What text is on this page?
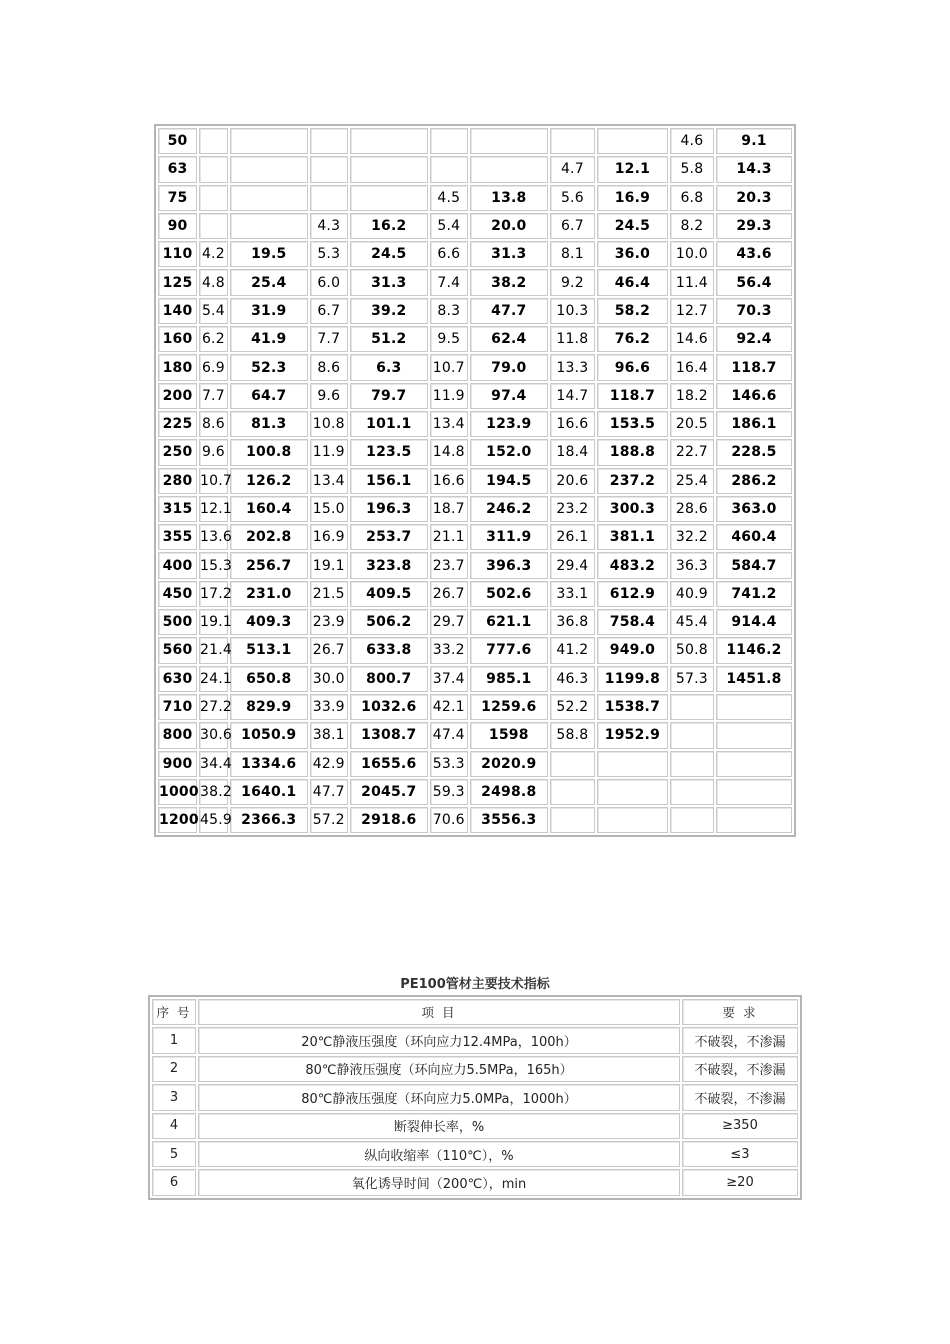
50									4.6	9.1
63							4.7	12.1	5.8	14.3
75					4.5	13.8	5.6	16.9	6.8	20.3
90			4.3	16.2	5.4	20.0	6.7	24.5	8.2	29.3
110	4.2	19.5	5.3	24.5	6.6	31.3	8.1	36.0	10.0	43.6
125	4.8	25.4	6.0	31.3	7.4	38.2	9.2	46.4	11.4	56.4
140	5.4	31.9	6.7	39.2	8.3	47.7	10.3	58.2	12.7	70.3
160	6.2	41.9	7.7	51.2	9.5	62.4	11.8	76.2	14.6	92.4
180	6.9	52.3	8.6	6.3	10.7	79.0	13.3	96.6	16.4	118.7
200	7.7	64.7	9.6	79.7	11.9	97.4	14.7	118.7	18.2	146.6
225	8.6	81.3	10.8	101.1	13.4	123.9	16.6	153.5	20.5	186.1
250	9.6	100.8	11.9	123.5	14.8	152.0	18.4	188.8	22.7	228.5
280	10.7	126.2	13.4	156.1	16.6	194.5	20.6	237.2	25.4	286.2
315	12.1	160.4	15.0	196.3	18.7	246.2	23.2	300.3	28.6	363.0
355	13.6	202.8	16.9	253.7	21.1	311.9	26.1	381.1	32.2	460.4
400	15.3	256.7	19.1	323.8	23.7	396.3	29.4	483.2	36.3	584.7
450	17.2	231.0	21.5	409.5	26.7	502.6	33.1	612.9	40.9	741.2
500	19.1	409.3	23.9	506.2	29.7	621.1	36.8	758.4	45.4	914.4
560	21.4	513.1	26.7	633.8	33.2	777.6	41.2	949.0	50.8	1146.2
630	24.1	650.8	30.0	800.7	37.4	985.1	46.3	1199.8	57.3	1451.8
710	27.2	829.9	33.9	1032.6	42.1	1259.6	52.2	1538.7		
800	30.6	1050.9	38.1	1308.7	47.4	1598	58.8	1952.9		
900	34.4	1334.6	42.9	1655.6	53.3	2020.9				
1000	38.2	1640.1	47.7	2045.7	59.3	2498.8				
1200	45.9	2366.3	57.2	2918.6	70.6	3556.3				
PE100管材主要技术指标
序 号	项 目	要 求
1	20℃静液压强度（环向应力12.4MPa，100h）	不破裂，不渗漏
2	80℃静液压强度（环向应力5.5MPa，165h）	不破裂，不渗漏
3	80℃静液压强度（环向应力5.0MPa，1000h）	不破裂，不渗漏
4	断裂伸长率，%	≥350
5	纵向收缩率（110℃），%	≤3
6	氧化诱导时间（200℃），min	≥20
